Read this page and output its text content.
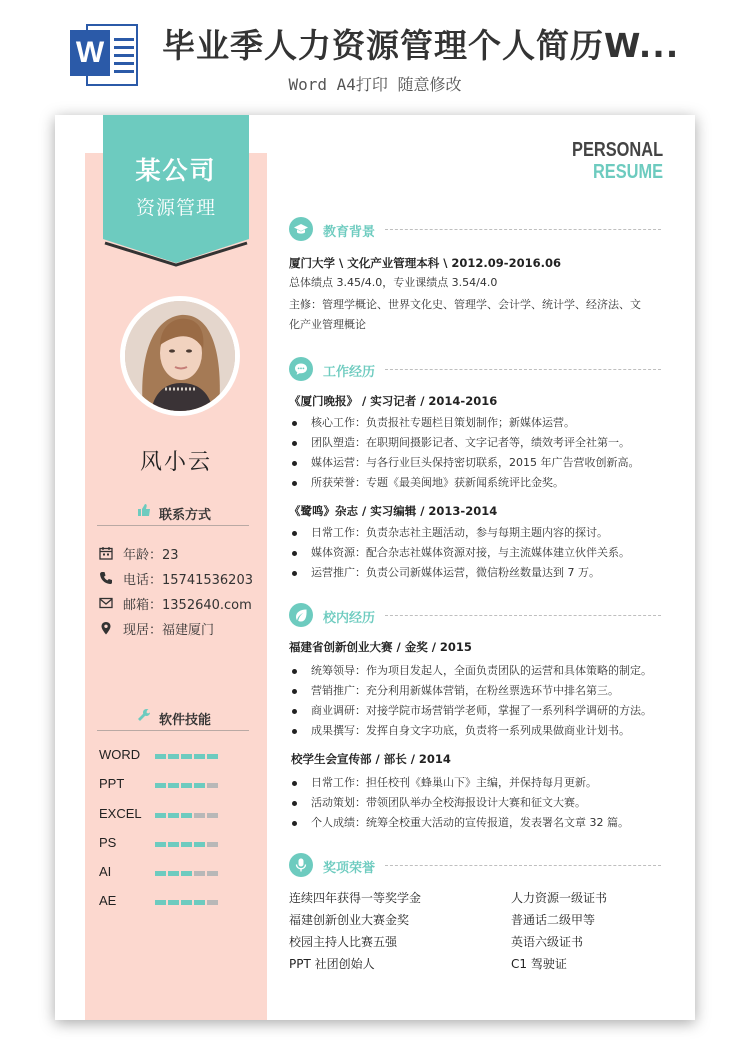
W 毕业季人力资源管理个人简历W...
Word A4打印 随意修改
某公司
资源管理
风小云
联系方式
年龄：23
电话：15741536203
邮箱：1352640.com
现居：福建厦门
软件技能
WORD
PPT
EXCEL
PS
AI
AE
PERSONAL
RESUME
教育背景
厦门大学 \ 文化产业管理本科 \ 2012.09-2016.06
总体绩点 3.45/4.0，专业课绩点 3.54/4.0
主修：管理学概论、世界文化史、管理学、会计学、统计学、经济法、文
化产业管理概论
工作经历
《厦门晚报》 / 实习记者 / 2014-2016
核心工作：负责报社专题栏目策划制作；新媒体运营。
团队塑造：在职期间摄影记者、文字记者等，绩效考评全社第一。
媒体运营：与各行业巨头保持密切联系，2015 年广告营收创新高。
所获荣誉：专题《最美闽地》获新闻系统评比金奖。
《鹭鸣》杂志 / 实习编辑 / 2013-2014
日常工作：负责杂志社主题活动，参与每期主题内容的探讨。
媒体资源：配合杂志社媒体资源对接，与主流媒体建立伙伴关系。
运营推广：负责公司新媒体运营，微信粉丝数量达到 7 万。
校内经历
福建省创新创业大赛 / 金奖 / 2015
统筹领导：作为项目发起人，全面负责团队的运营和具体策略的制定。
营销推广：充分利用新媒体营销，在粉丝票选环节中排名第三。
商业调研：对接学院市场营销学老师，掌握了一系列科学调研的方法。
成果撰写：发挥自身文字功底，负责将一系列成果做商业计划书。
校学生会宣传部 / 部长 / 2014
日常工作：担任校刊《蜂巢山下》主编，并保持每月更新。
活动策划：带领团队举办全校海报设计大赛和征文大赛。
个人成绩：统筹全校重大活动的宣传报道，发表署名文章 32 篇。
奖项荣誉
连续四年获得一等奖学金	人力资源一级证书
福建创新创业大赛金奖	普通话二级甲等
校园主持人比赛五强	英语六级证书
PPT 社团创始人	C1 驾驶证
